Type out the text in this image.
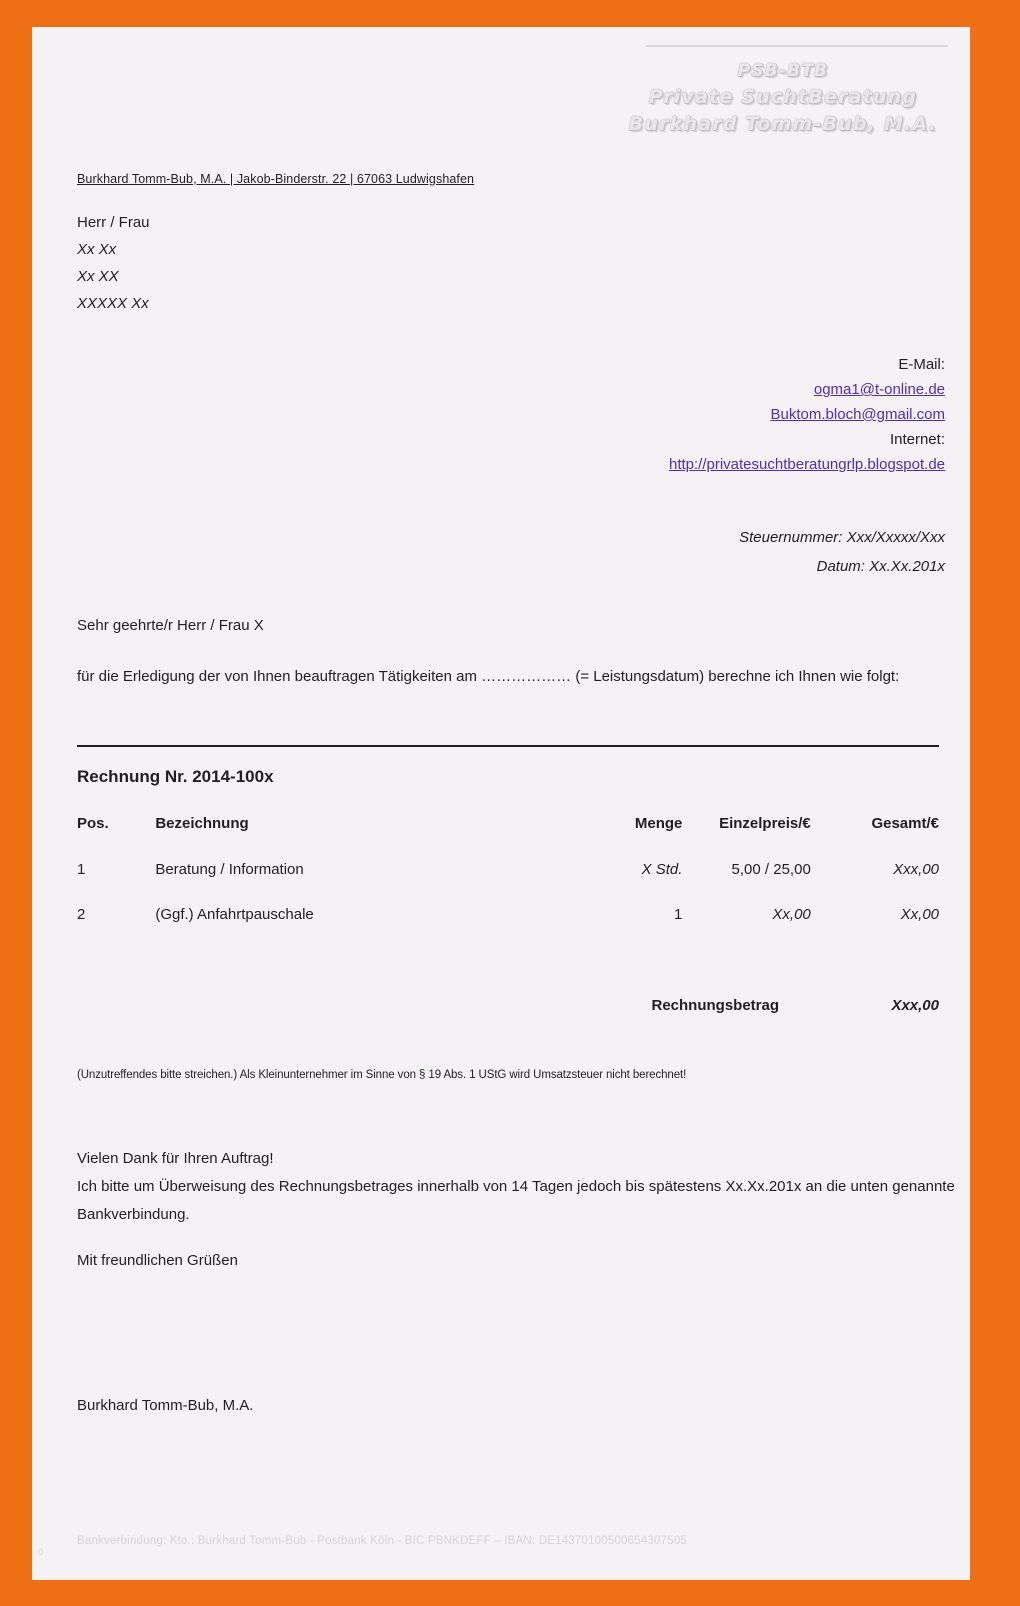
PSB-BTB
Private SuchtBeratung
Burkhard Tomm-Bub, M.A.
Burkhard Tomm-Bub, M.A. | Jakob-Binderstr. 22 | 67063 Ludwigshafen
Herr / Frau
Xx Xx
Xx XX
XXXXX Xx
E-Mail:
ogma1@t-online.de
Buktom.bloch@gmail.com
Internet:
http://privatesuchtberatungrlp.blogspot.de
Steuernummer: Xxx/Xxxxx/Xxx
Datum: Xx.Xx.201x
Sehr geehrte/r Herr / Frau X
für die Erledigung der von Ihnen beauftragen Tätigkeiten am ……………… (= Leistungsdatum) berechne ich Ihnen wie folgt:
Rechnung Nr. 2014-100x
Pos.	Bezeichnung	Menge	Einzelpreis/€	Gesamt/€
1	Beratung / Information	X Std.	5,00 / 25,00	Xxx,00
2	(Ggf.) Anfahrtpauschale	1	Xx,00	Xx,00
Rechnungsbetrag	Xxx,00
(Unzutreffendes bitte streichen.) Als Kleinunternehmer im Sinne von § 19 Abs. 1 UStG wird Umsatzsteuer nicht berechnet!
Vielen Dank für Ihren Auftrag!
Ich bitte um Überweisung des Rechnungsbetrages innerhalb von 14 Tagen jedoch bis spätestens Xx.Xx.201x an die unten genannte Bankverbindung.
Mit freundlichen Grüßen
Burkhard Tomm-Bub, M.A.
Bankverbindung: Kto.: Burkhard Tomm-Bub - Postbank Köln - BIC PBNKDEFF – IBAN: DE14370100500654307505
0
